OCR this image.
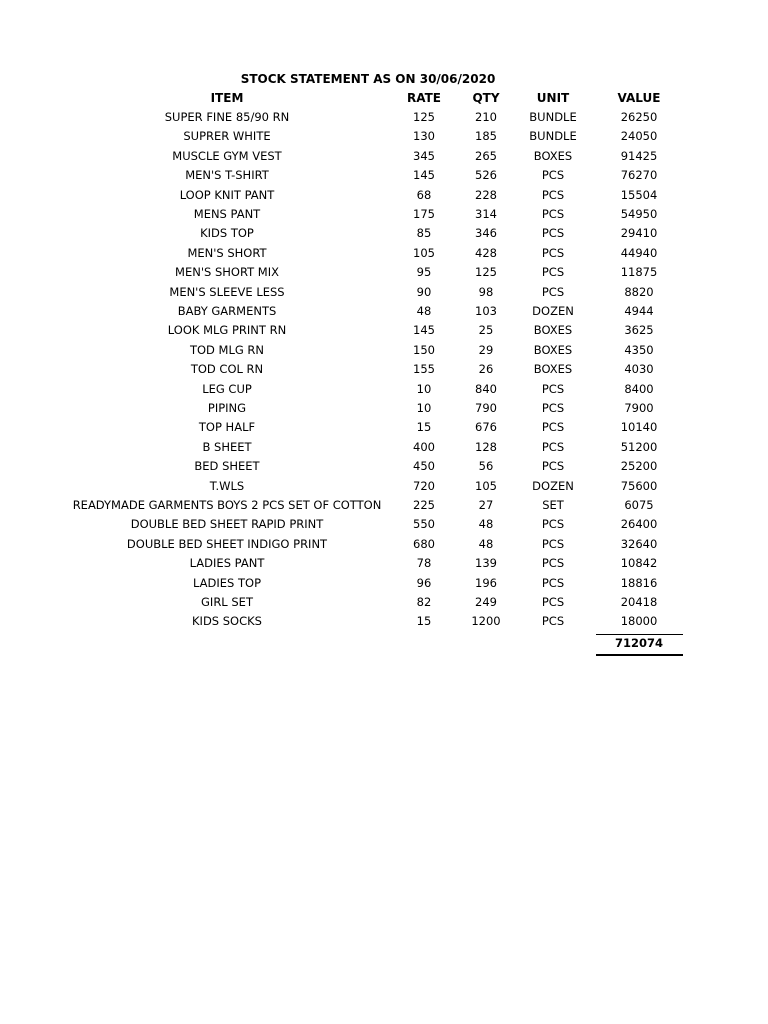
STOCK STATEMENT AS ON 30/06/2020
ITEM	RATE	QTY	UNIT	VALUE
SUPER FINE 85/90 RN	125	210	BUNDLE	26250
SUPRER WHITE	130	185	BUNDLE	24050
MUSCLE GYM VEST	345	265	BOXES	91425
MEN'S T-SHIRT	145	526	PCS	76270
LOOP KNIT PANT	68	228	PCS	15504
MENS PANT	175	314	PCS	54950
KIDS TOP	85	346	PCS	29410
MEN'S SHORT	105	428	PCS	44940
MEN'S SHORT MIX	95	125	PCS	11875
MEN'S SLEEVE LESS	90	98	PCS	8820
BABY GARMENTS	48	103	DOZEN	4944
LOOK MLG PRINT RN	145	25	BOXES	3625
TOD MLG RN	150	29	BOXES	4350
TOD COL RN	155	26	BOXES	4030
LEG CUP	10	840	PCS	8400
PIPING	10	790	PCS	7900
TOP HALF	15	676	PCS	10140
B SHEET	400	128	PCS	51200
BED SHEET	450	56	PCS	25200
T.WLS	720	105	DOZEN	75600
READYMADE GARMENTS BOYS 2 PCS SET OF COTTON	225	27	SET	6075
DOUBLE BED SHEET RAPID PRINT	550	48	PCS	26400
DOUBLE BED SHEET INDIGO PRINT	680	48	PCS	32640
LADIES PANT	78	139	PCS	10842
LADIES TOP	96	196	PCS	18816
GIRL SET	82	249	PCS	20418
KIDS SOCKS	15	1200	PCS	18000
712074
